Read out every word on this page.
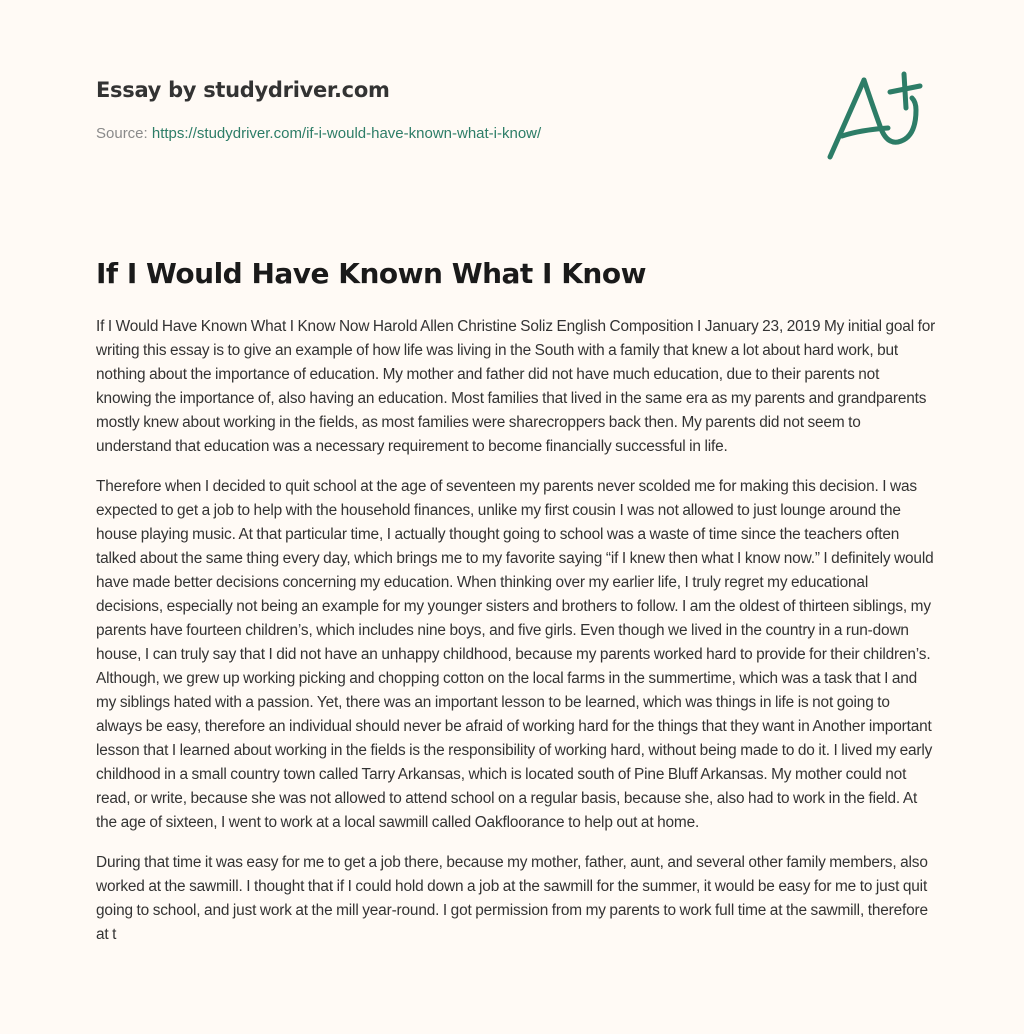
Essay by studydriver.com
Source: https://studydriver.com/if-i-would-have-known-what-i-know/
If I Would Have Known What I Know

If I Would Have Known What I Know Now Harold Allen Christine Soliz English Composition I January 23, 2019 My initial goal for writing this essay is to give an example of how life was living in the South with a family that knew a lot about hard work, but nothing about the importance of education. My mother and father did not have much education, due to their parents not knowing the importance of, also having an education. Most families that lived in the same era as my parents and grandparents mostly knew about working in the fields, as most families were sharecroppers back then. My parents did not seem to understand that education was a necessary requirement to become financially successful in life.

Therefore when I decided to quit school at the age of seventeen my parents never scolded me for making this decision. I was expected to get a job to help with the household finances, unlike my first cousin I was not allowed to just lounge around the house playing music. At that particular time, I actually thought going to school was a waste of time since the teachers often talked about the same thing every day, which brings me to my favorite saying “if I knew then what I know now.” I definitely would have made better decisions concerning my education. When thinking over my earlier life, I truly regret my educational decisions, especially not being an example for my younger sisters and brothers to follow. I am the oldest of thirteen siblings, my parents have fourteen children’s, which includes nine boys, and five girls. Even though we lived in the country in a run-down house, I can truly say that I did not have an unhappy childhood, because my parents worked hard to provide for their children’s. Although, we grew up working picking and chopping cotton on the local farms in the summertime, which was a task that I and my siblings hated with a passion. Yet, there was an important lesson to be learned, which was things in life is not going to always be easy, therefore an individual should never be afraid of working hard for the things that they want in Another important lesson that I learned about working in the fields is the responsibility of working hard, without being made to do it. I lived my early childhood in a small country town called Tarry Arkansas, which is located south of Pine Bluff Arkansas. My mother could not read, or write, because she was not allowed to attend school on a regular basis, because she, also had to work in the field. At the age of sixteen, I went to work at a local sawmill called Oakfloorance to help out at home.

During that time it was easy for me to get a job there, because my mother, father, aunt, and several other family members, also worked at the sawmill. I thought that if I could hold down a job at the sawmill for the summer, it would be easy for me to just quit going to school, and just work at the mill year-round. I got permission from my parents to work full time at the sawmill, therefore at t
